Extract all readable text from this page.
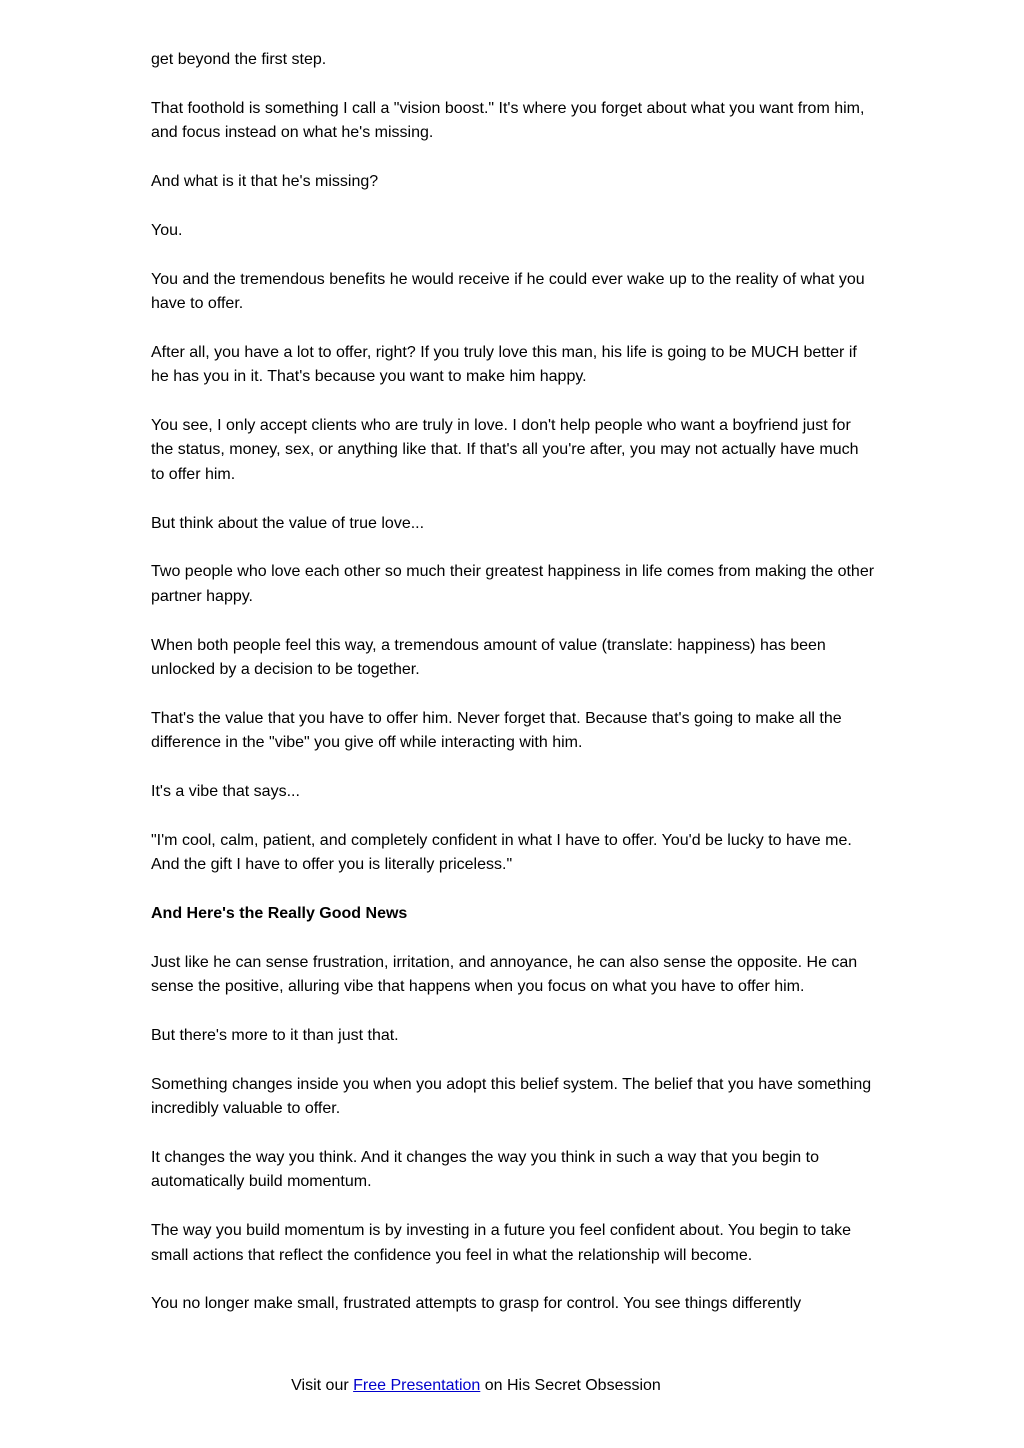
get beyond the first step.

That foothold is something I call a "vision boost." It's where you forget about what you want from him, and focus instead on what he's missing.

And what is it that he's missing?

You.

You and the tremendous benefits he would receive if he could ever wake up to the reality of what you have to offer.

After all, you have a lot to offer, right? If you truly love this man, his life is going to be MUCH better if he has you in it. That's because you want to make him happy.

You see, I only accept clients who are truly in love. I don't help people who want a boyfriend just for the status, money, sex, or anything like that. If that's all you're after, you may not actually have much to offer him.

But think about the value of true love...

Two people who love each other so much their greatest happiness in life comes from making the other partner happy.

When both people feel this way, a tremendous amount of value (translate: happiness) has been unlocked by a decision to be together.

That's the value that you have to offer him. Never forget that. Because that's going to make all the difference in the "vibe" you give off while interacting with him.

It's a vibe that says...

"I'm cool, calm, patient, and completely confident in what I have to offer. You'd be lucky to have me. And the gift I have to offer you is literally priceless."

And Here's the Really Good News

Just like he can sense frustration, irritation, and annoyance, he can also sense the opposite. He can sense the positive, alluring vibe that happens when you focus on what you have to offer him.

But there's more to it than just that.

Something changes inside you when you adopt this belief system. The belief that you have something incredibly valuable to offer.

It changes the way you think. And it changes the way you think in such a way that you begin to automatically build momentum.

The way you build momentum is by investing in a future you feel confident about. You begin to take small actions that reflect the confidence you feel in what the relationship will become.

You no longer make small, frustrated attempts to grasp for control. You see things differently

Visit our Free Presentation on His Secret Obsession
